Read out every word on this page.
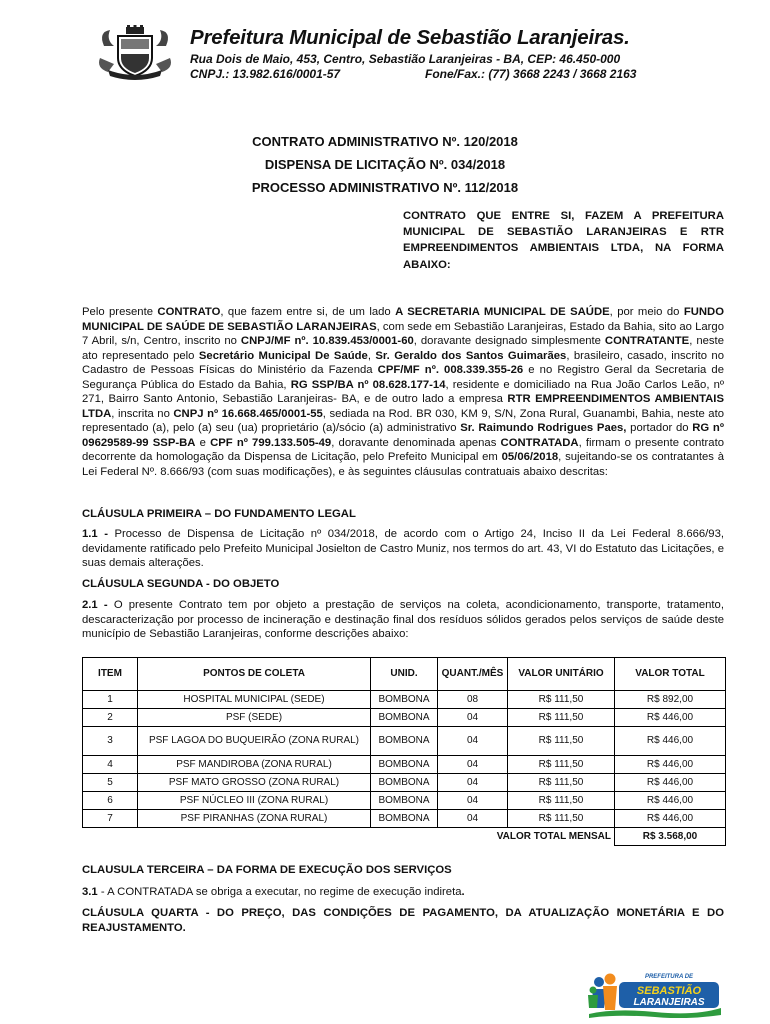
Prefeitura Municipal de Sebastião Laranjeiras.
Rua Dois de Maio, 453, Centro, Sebastião Laranjeiras - BA, CEP: 46.450-000
CNPJ.: 13.982.616/0001-57	Fone/Fax.: (77) 3668 2243 / 3668 2163
CONTRATO ADMINISTRATIVO Nº. 120/2018
DISPENSA DE LICITAÇÃO Nº. 034/2018
PROCESSO ADMINISTRATIVO Nº. 112/2018
CONTRATO QUE ENTRE SI, FAZEM A PREFEITURA MUNICIPAL DE SEBASTIÃO LARANJEIRAS E RTR EMPREENDIMENTOS AMBIENTAIS LTDA, NA FORMA ABAIXO:
Pelo presente CONTRATO, que fazem entre si, de um lado A SECRETARIA MUNICIPAL DE SAÚDE, por meio do FUNDO MUNICIPAL DE SAÚDE DE SEBASTIÃO LARANJEIRAS, com sede em Sebastião Laranjeiras, Estado da Bahia, sito ao Largo 7 Abril, s/n, Centro, inscrito no CNPJ/MF nº. 10.839.453/0001-60, doravante designado simplesmente CONTRATANTE, neste ato representado pelo Secretário Municipal De Saúde, Sr. Geraldo dos Santos Guimarães, brasileiro, casado, inscrito no Cadastro de Pessoas Físicas do Ministério da Fazenda CPF/MF nº. 008.339.355-26 e no Registro Geral da Secretaria de Segurança Pública do Estado da Bahia, RG SSP/BA nº 08.628.177-14, residente e domiciliado na Rua João Carlos Leão, nº 271, Bairro Santo Antonio, Sebastião Laranjeiras- BA, e de outro lado a empresa RTR EMPREENDIMENTOS AMBIENTAIS LTDA, inscrita no CNPJ nº 16.668.465/0001-55, sediada na Rod. BR 030, KM 9, S/N, Zona Rural, Guanambi, Bahia, neste ato representado (a), pelo (a) seu (ua) proprietário (a)/sócio (a) administrativo Sr. Raimundo Rodrigues Paes, portador do RG nº 09629589-99 SSP-BA e CPF nº 799.133.505-49, doravante denominada apenas CONTRATADA, firmam o presente contrato decorrente da homologação da Dispensa de Licitação, pelo Prefeito Municipal em 05/06/2018, sujeitando-se os contratantes à Lei Federal Nº. 8.666/93 (com suas modificações), e às seguintes cláusulas contratuais abaixo descritas:
CLÁUSULA PRIMEIRA – DO FUNDAMENTO LEGAL
1.1 - Processo de Dispensa de Licitação nº 034/2018, de acordo com o Artigo 24, Inciso II da Lei Federal 8.666/93, devidamente ratificado pelo Prefeito Municipal Josielton de Castro Muniz, nos termos do art. 43, VI do Estatuto das Licitações, e suas demais alterações.
CLÁUSULA SEGUNDA - DO OBJETO
2.1 - O presente Contrato tem por objeto a prestação de serviços na coleta, acondicionamento, transporte, tratamento, descaracterização por processo de incineração e destinação final dos resíduos sólidos gerados pelos serviços de saúde deste município de Sebastião Laranjeiras, conforme descrições abaixo:
ITEM	PONTOS DE COLETA	UNID.	QUANT./MÊS	VALOR UNITÁRIO	VALOR TOTAL
1	HOSPITAL MUNICIPAL (SEDE)	BOMBONA	08	R$ 111,50	R$ 892,00
2	PSF (SEDE)	BOMBONA	04	R$ 111,50	R$ 446,00
3	PSF LAGOA DO BUQUEIRÃO (ZONA RURAL)	BOMBONA	04	R$ 111,50	R$ 446,00
4	PSF MANDIROBA (ZONA RURAL)	BOMBONA	04	R$ 111,50	R$ 446,00
5	PSF MATO GROSSO (ZONA RURAL)	BOMBONA	04	R$ 111,50	R$ 446,00
6	PSF NÚCLEO III (ZONA RURAL)	BOMBONA	04	R$ 111,50	R$ 446,00
7	PSF PIRANHAS (ZONA RURAL)	BOMBONA	04	R$ 111,50	R$ 446,00
VALOR TOTAL MENSAL					R$ 3.568,00
CLAUSULA TERCEIRA – DA FORMA DE EXECUÇÃO DOS SERVIÇOS
3.1 - A CONTRATADA se obriga a executar, no regime de execução indireta.
CLÁUSULA QUARTA - DO PREÇO, DAS CONDIÇÕES DE PAGAMENTO, DA ATUALIZAÇÃO MONETÁRIA E DO REAJUSTAMENTO.
PREFEITURA DE
SEBASTIÃO
LARANJEIRAS
